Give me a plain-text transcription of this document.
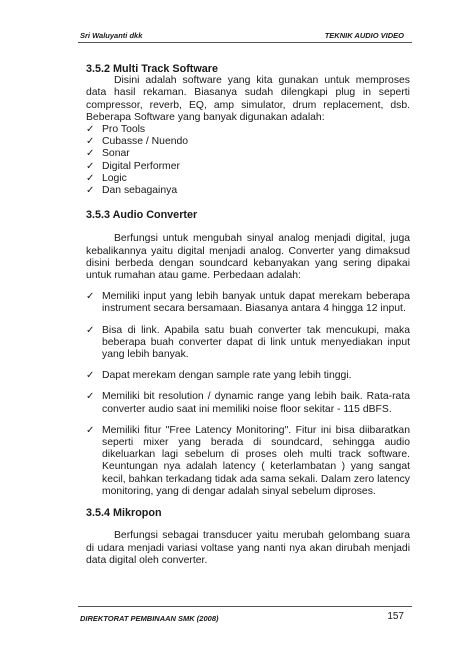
Sri Waluyanti dkk	TEKNIK AUDIO VIDEO

3.5.2 Multi Track Software

Disini adalah software yang kita gunakan untuk memproses data hasil rekaman. Biasanya sudah dilengkapi plug in seperti compressor, reverb, EQ, amp simulator, drum replacement, dsb. Beberapa Software yang banyak digunakan adalah:

✓ Pro Tools
✓ Cubasse / Nuendo
✓ Sonar
✓ Digital Performer
✓ Logic
✓ Dan sebagainya

3.5.3 Audio Converter

Berfungsi untuk mengubah sinyal analog menjadi digital, juga kebalikannya yaitu digital menjadi analog. Converter yang dimaksud disini berbeda dengan soundcard kebanyakan yang sering dipakai untuk rumahan atau game. Perbedaan adalah:

✓ Memiliki input yang lebih banyak untuk dapat merekam beberapa instrument secara bersamaan. Biasanya antara 4 hingga 12 input.
✓ Bisa di link. Apabila satu buah converter tak mencukupi, maka beberapa buah converter dapat di link untuk menyediakan input yang lebih banyak.
✓ Dapat merekam dengan sample rate yang lebih tinggi.
✓ Memiliki bit resolution / dynamic range yang lebih baik. Rata-rata converter audio saat ini memiliki noise floor sekitar - 115 dBFS.
✓ Memiliki fitur "Free Latency Monitoring". Fitur ini bisa diibaratkan seperti mixer yang berada di soundcard, sehingga audio dikeluarkan lagi sebelum di proses oleh multi track software. Keuntungan nya adalah latency ( keterlambatan ) yang sangat kecil, bahkan terkadang tidak ada sama sekali. Dalam zero latency monitoring, yang di dengar adalah sinyal sebelum diproses.

3.5.4 Mikropon

Berfungsi sebagai transducer yaitu merubah gelombang suara di udara menjadi variasi voltase yang nanti nya akan dirubah menjadi data digital oleh converter.

DIREKTORAT PEMBINAAN SMK (2008)	157
